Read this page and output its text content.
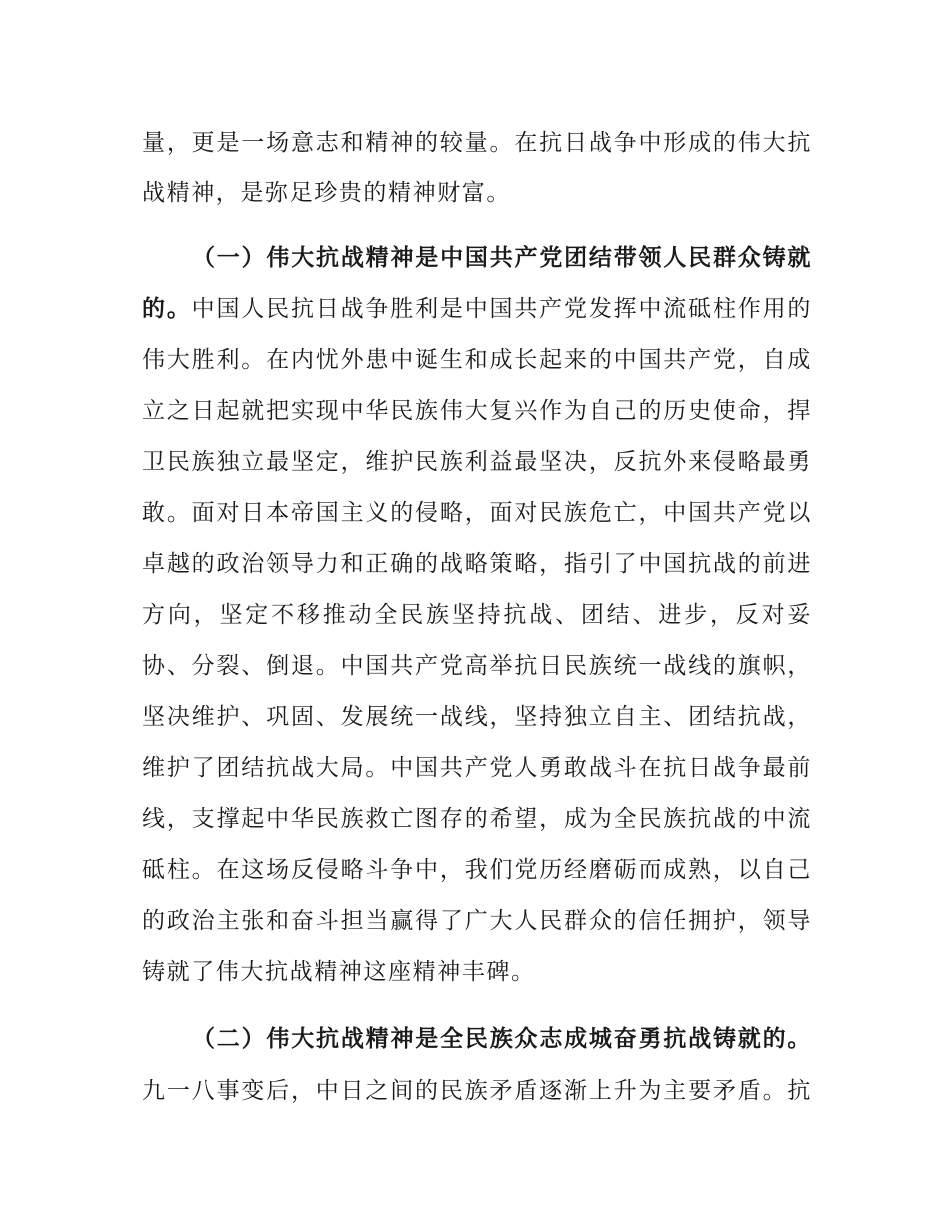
量，更是一场意志和精神的较量。在抗日战争中形成的伟大抗
战精神，是弥足珍贵的精神财富。
（一）伟大抗战精神是中国共产党团结带领人民群众铸就
的。中国人民抗日战争胜利是中国共产党发挥中流砥柱作用的
伟大胜利。在内忧外患中诞生和成长起来的中国共产党，自成
立之日起就把实现中华民族伟大复兴作为自己的历史使命，捍
卫民族独立最坚定，维护民族利益最坚决，反抗外来侵略最勇
敢。面对日本帝国主义的侵略，面对民族危亡，中国共产党以
卓越的政治领导力和正确的战略策略，指引了中国抗战的前进
方向，坚定不移推动全民族坚持抗战、团结、进步，反对妥
协、分裂、倒退。中国共产党高举抗日民族统一战线的旗帜，
坚决维护、巩固、发展统一战线，坚持独立自主、团结抗战，
维护了团结抗战大局。中国共产党人勇敢战斗在抗日战争最前
线，支撑起中华民族救亡图存的希望，成为全民族抗战的中流
砥柱。在这场反侵略斗争中，我们党历经磨砺而成熟，以自己
的政治主张和奋斗担当赢得了广大人民群众的信任拥护，领导
铸就了伟大抗战精神这座精神丰碑。
（二）伟大抗战精神是全民族众志成城奋勇抗战铸就的。
九一八事变后，中日之间的民族矛盾逐渐上升为主要矛盾。抗
